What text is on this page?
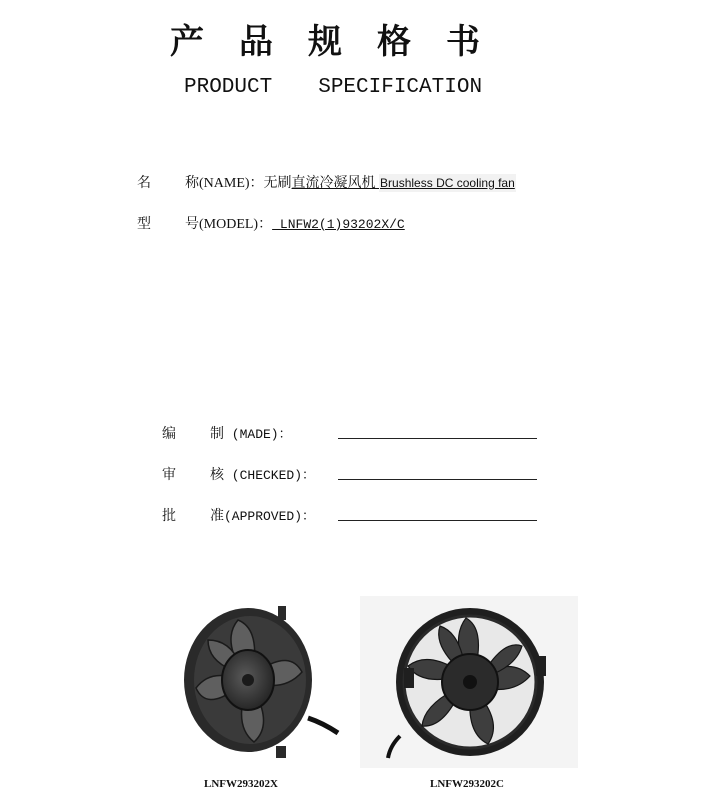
产 品 规 格 书
PRODUCT SPECIFICATION
名 称(NAME)：无刷直流冷凝风机 Brushless DC cooling fan
型 号(MODEL)： LNFW2(1)93202X/C
编 制 (MADE)：
审 核 (CHECKED)：
批 准(APPROVED)：
LNFW293202X	LNFW293202C
